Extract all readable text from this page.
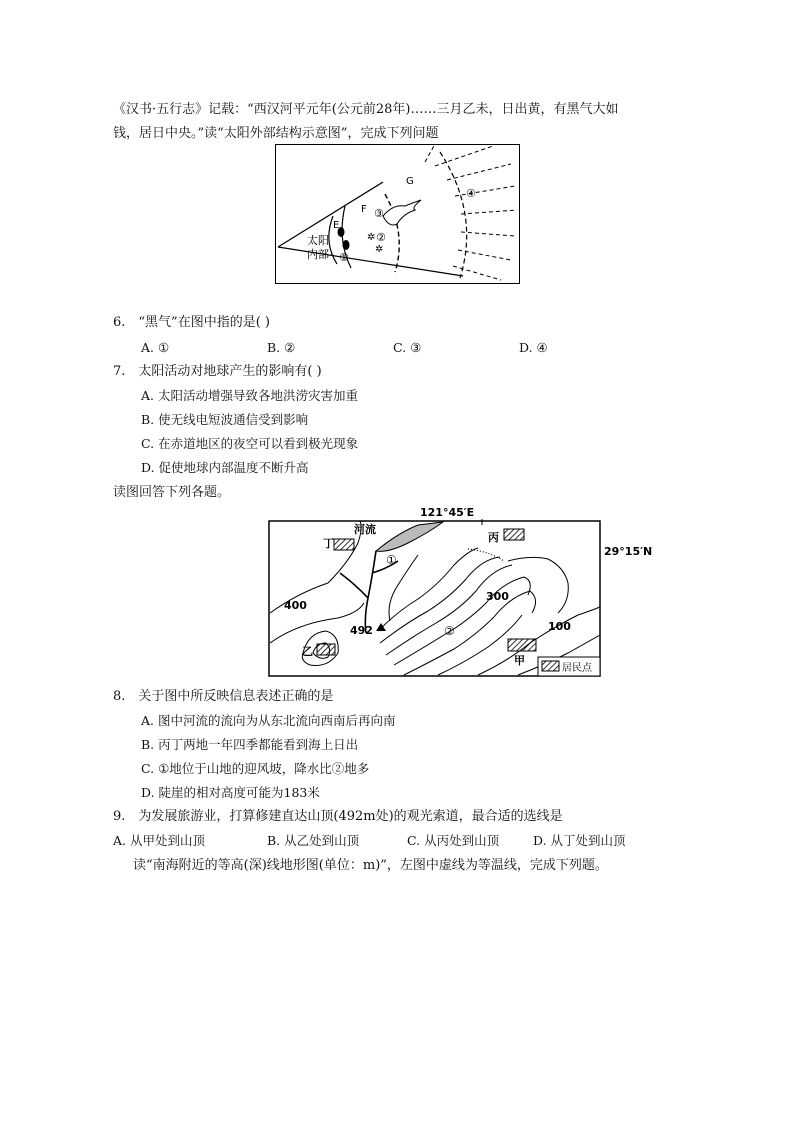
《汉书·五行志》记载：“西汉河平元年(公元前28年)……三月乙未，日出黄，有黑气大如
钱，居日中央。”读“太阳外部结构示意图”，完成下列问题
✲
✲
G
F
E
太阳
内部 ①
②
③
④
6.　“黑气”在图中指的是( )
A. ①	B. ②	C. ③	D. ④
7.　太阳活动对地球产生的影响有( )
A. 太阳活动增强导致各地洪涝灾害加重
B. 使无线电短波通信受到影响
C. 在赤道地区的夜空可以看到极光现象
D. 促使地球内部温度不断升高
读图回答下列各题。
121°45′E
29°15′N
河流
492
400
300
100
①
②
丁	丙
乙
甲
居民点
8.　关于图中所反映信息表述正确的是
A. 图中河流的流向为从东北流向西南后再向南
B. 丙丁两地一年四季都能看到海上日出
C. ①地位于山地的迎风坡，降水比②地多
D. 陡崖的相对高度可能为183米
9.　为发展旅游业，打算修建直达山顶(492m处)的观光索道，最合适的选线是
A. 从甲处到山顶	B. 从乙处到山顶	C. 从丙处到山顶	D. 从丁处到山顶
读“南海附近的等高(深)线地形图(单位：m)”，左图中虚线为等温线，完成下列题。
